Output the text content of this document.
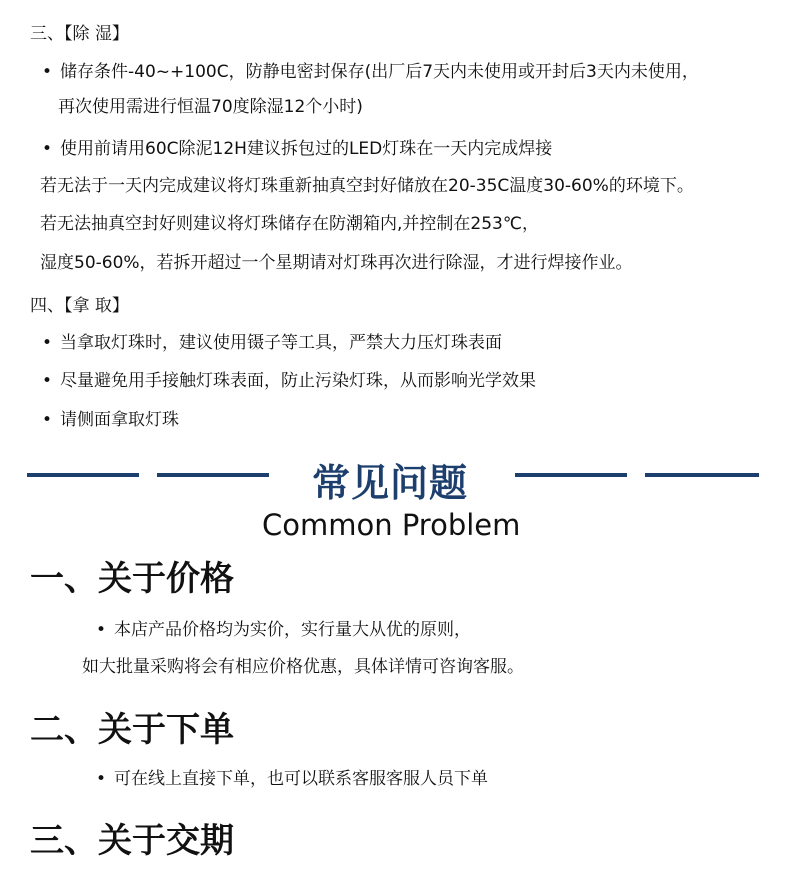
三、【除 湿】
• 储存条件-40~+100C，防静电密封保存(出厂后7天内未使用或开封后3天内未使用，
再次使用需进行恒温70度除湿12个小时)
• 使用前请用60C除泥12H建议拆包过的LED灯珠在一天内完成焊接
若无法于一天内完成建议将灯珠重新抽真空封好储放在20-35C温度30-60%的环境下。
若无法抽真空封好则建议将灯珠储存在防潮箱内,并控制在253℃，
湿度50-60%，若拆开超过一个星期请对灯珠再次进行除湿，才进行焊接作业。
四、【拿 取】
• 当拿取灯珠时，建议使用镊子等工具，严禁大力压灯珠表面
• 尽量避免用手接触灯珠表面，防止污染灯珠，从而影响光学效果
• 请侧面拿取灯珠
常见问题
Common Problem
一、关于价格
• 本店产品价格均为实价，实行量大从优的原则，
如大批量采购将会有相应价格优惠，具体详情可咨询客服。
二、关于下单
• 可在线上直接下单，也可以联系客服客服人员下单
三、关于交期
